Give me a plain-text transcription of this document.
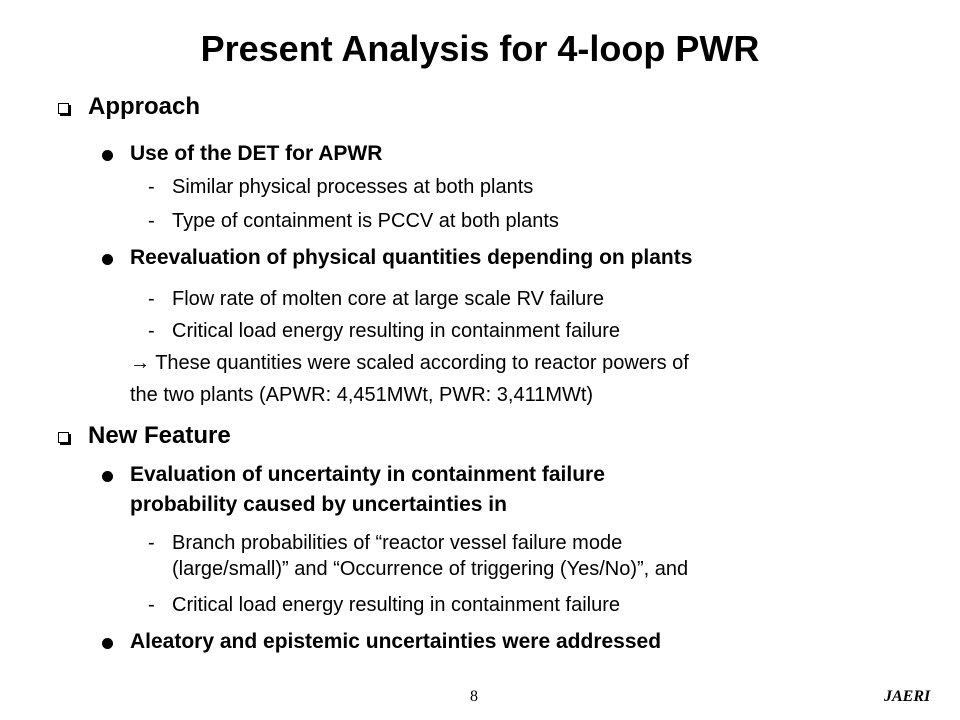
Present Analysis for 4-loop PWR
Approach
Use of the DET for APWR
- Similar physical processes at both plants
- Type of containment is PCCV at both plants
Reevaluation of physical quantities depending on plants
- Flow rate of molten core at large scale RV failure
- Critical load energy resulting in containment failure
→ These quantities were scaled according to reactor powers of
the two plants (APWR: 4,451MWt, PWR: 3,411MWt)
New Feature
Evaluation of uncertainty in containment failure
probability caused by uncertainties in
- Branch probabilities of “reactor vessel failure mode
(large/small)” and “Occurrence of triggering (Yes/No)”, and
- Critical load energy resulting in containment failure
Aleatory and epistemic uncertainties were addressed
8	JAERI
